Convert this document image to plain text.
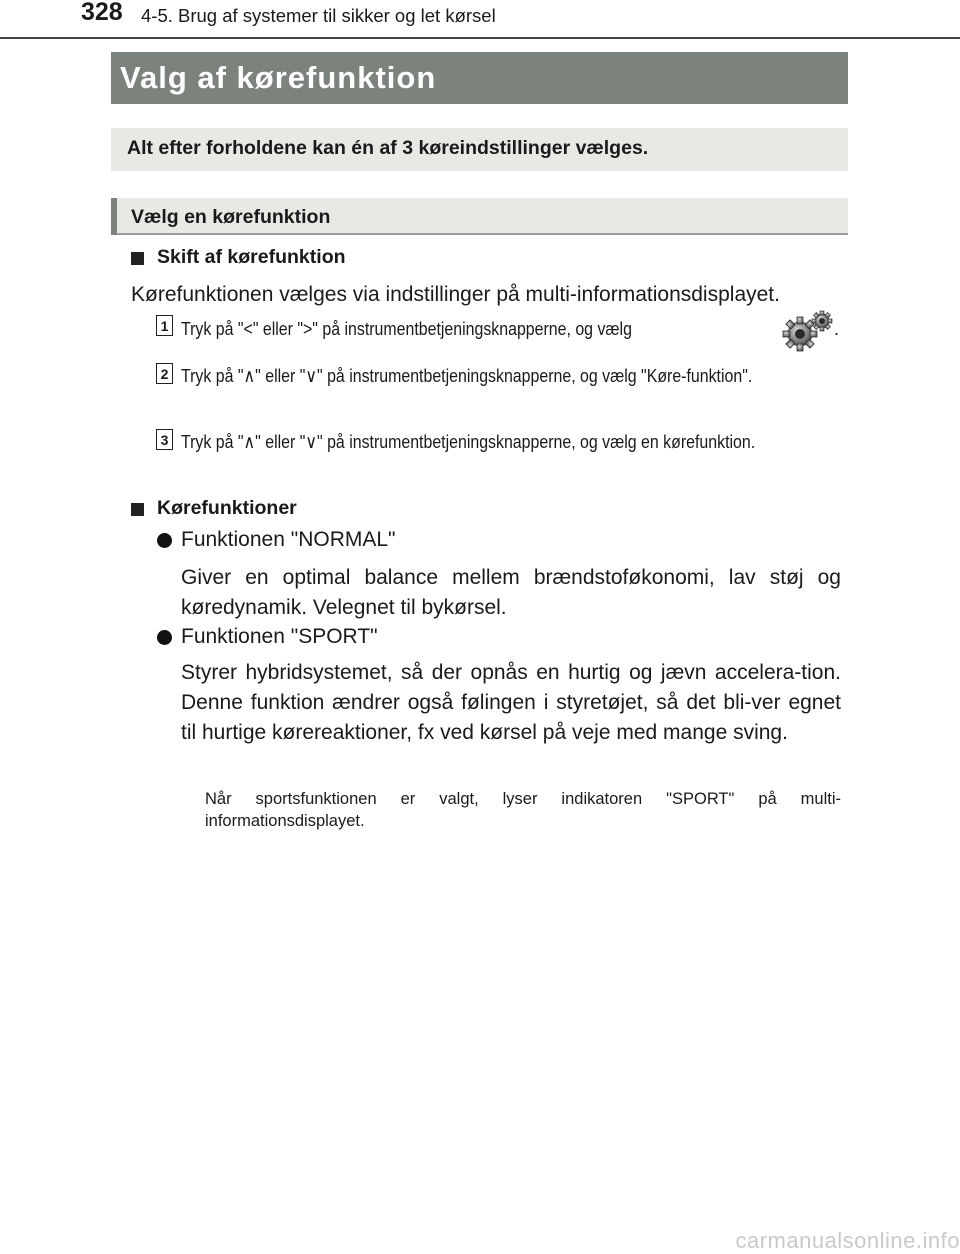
328 4-5. Brug af systemer til sikker og let kørsel
Valg af kørefunktion
Alt efter forholdene kan én af 3 køreindstillinger vælges.
Vælg en kørefunktion
Skift af kørefunktion
Kørefunktionen vælges via indstillinger på multi-informationsdisplayet.
1 Tryk på "<" eller ">" på instrumentbetjeningsknapperne, og vælg	.
2 Tryk på "∧" eller "∨" på instrumentbetjeningsknapperne, og vælg "Køre-funktion".
3 Tryk på "∧" eller "∨" på instrumentbetjeningsknapperne, og vælg en kørefunktion.
Kørefunktioner
Funktionen "NORMAL"
Giver en optimal balance mellem brændstoføkonomi, lav støj og køredynamik. Velegnet til bykørsel.
Funktionen "SPORT"
Styrer hybridsystemet, så der opnås en hurtig og jævn accelera-tion. Denne funktion ændrer også følingen i styretøjet, så det bli-ver egnet til hurtige kørereaktioner, fx ved kørsel på veje med mange sving.
Når sportsfunktionen er valgt, lyser indikatoren "SPORT" på multi-informationsdisplayet.
carmanualsonline.info
